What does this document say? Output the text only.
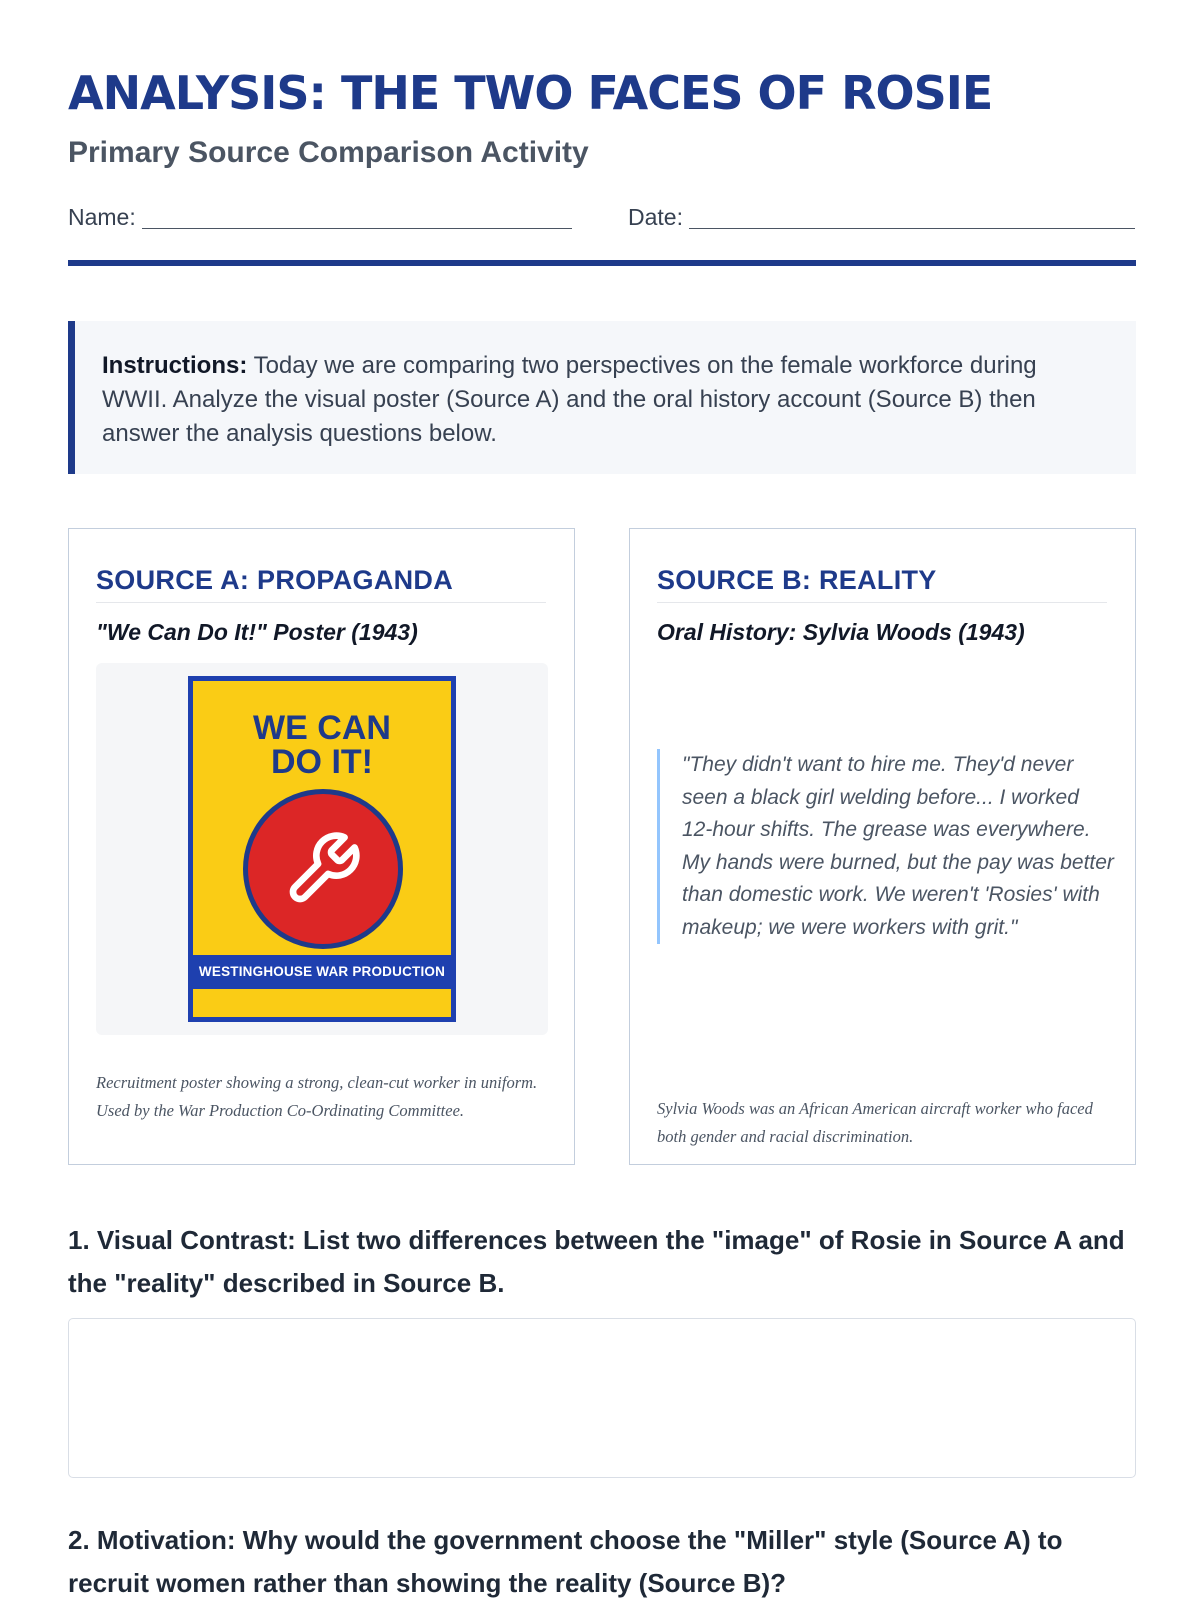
ANALYSIS: THE TWO FACES OF ROSIE
Primary Source Comparison Activity
Name:	Date:
Instructions: Today we are comparing two perspectives on the female workforce during WWII. Analyze the visual poster (Source A) and the oral history account (Source B) then answer the analysis questions below.
SOURCE A: PROPAGANDA
"We Can Do It!" Poster (1943)
WE CAN
DO IT!
WESTINGHOUSE WAR PRODUCTION
Recruitment poster showing a strong, clean-cut worker in uniform. Used by the War Production Co-Ordinating Committee.
SOURCE B: REALITY
Oral History: Sylvia Woods (1943)
"They didn't want to hire me. They'd never seen a black girl welding before... I worked 12-hour shifts. The grease was everywhere. My hands were burned, but the pay was better than domestic work. We weren't 'Rosies' with makeup; we were workers with grit."
Sylvia Woods was an African American aircraft worker who faced both gender and racial discrimination.
1. Visual Contrast: List two differences between the "image" of Rosie in Source A and the "reality" described in Source B.
2. Motivation: Why would the government choose the "Miller" style (Source A) to recruit women rather than showing the reality (Source B)?
